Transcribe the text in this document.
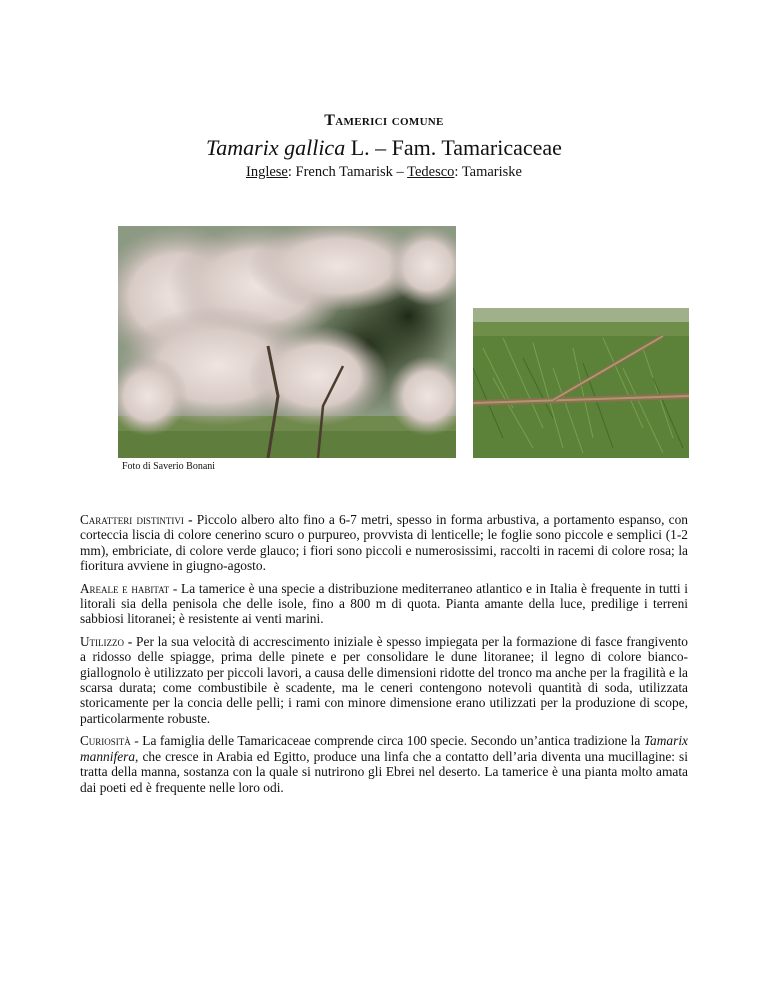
Tamerici comune
Tamarix gallica L. – Fam. Tamaricaceae
Inglese: French Tamarisk – Tedesco: Tamariske
Foto di Saverio Bonani

Caratteri distintivi - Piccolo albero alto fino a 6-7 metri, spesso in forma arbustiva, a portamento espanso, con corteccia liscia di colore cenerino scuro o purpureo, provvista di lenticelle; le foglie sono piccole e semplici (1-2 mm), embriciate, di colore verde glauco; i fiori sono piccoli e numerosissimi, raccolti in racemi di colore rosa; la fioritura avviene in giugno-agosto.

Areale e habitat - La tamerice è una specie a distribuzione mediterraneo atlantico e in Italia è frequente in tutti i litorali sia della penisola che delle isole, fino a 800 m di quota. Pianta amante della luce, predilige i terreni sabbiosi litoranei; è resistente ai venti marini.

Utilizzo - Per la sua velocità di accrescimento iniziale è spesso impiegata per la formazione di fasce frangivento a ridosso delle spiagge, prima delle pinete e per consolidare le dune litoranee; il legno di colore bianco-giallognolo è utilizzato per piccoli lavori, a causa delle dimensioni ridotte del tronco ma anche per la fragilità e la scarsa durata; come combustibile è scadente, ma le ceneri contengono notevoli quantità di soda, utilizzata storicamente per la concia delle pelli; i rami con minore dimensione erano utilizzati per la produzione di scope, particolarmente robuste.

Curiosità - La famiglia delle Tamaricaceae comprende circa 100 specie. Secondo un’antica tradizione la Tamarix mannifera, che cresce in Arabia ed Egitto, produce una linfa che a contatto dell’aria diventa una mucillagine: si tratta della manna, sostanza con la quale si nutrirono gli Ebrei nel deserto. La tamerice è una pianta molto amata dai poeti ed è frequente nelle loro odi.
